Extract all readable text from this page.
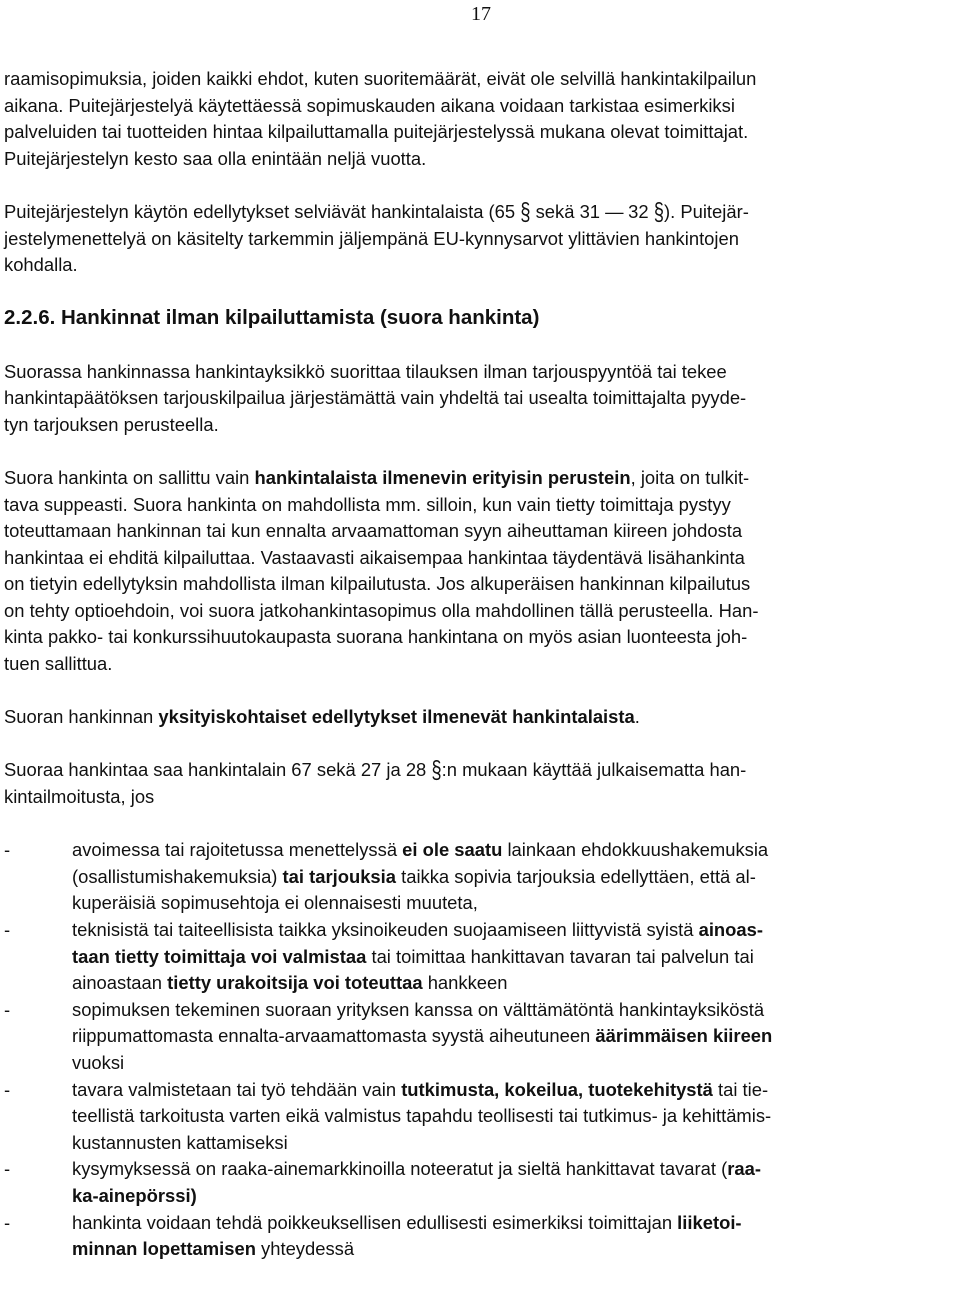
17

raamisopimuksia, joiden kaikki ehdot, kuten suoritemäärät, eivät ole selvillä hankintakilpailun
aikana. Puitejärjestelyä käytettäessä sopimuskauden aikana voidaan tarkistaa esimerkiksi
palveluiden tai tuotteiden hintaa kilpailuttamalla puitejärjestelyssä mukana olevat toimittajat.
Puitejärjestelyn kesto saa olla enintään neljä vuotta.

Puitejärjestelyn käytön edellytykset selviävät hankintalaista (65 § sekä 31 — 32 §). Puitejär-
jestelymenettelyä on käsitelty tarkemmin jäljempänä EU-kynnysarvot ylittävien hankintojen
kohdalla.

2.2.6. Hankinnat ilman kilpailuttamista (suora hankinta)

Suorassa hankinnassa hankintayksikkö suorittaa tilauksen ilman tarjouspyyntöä tai tekee
hankintapäätöksen tarjouskilpailua järjestämättä vain yhdeltä tai usealta toimittajalta pyyde-
tyn tarjouksen perusteella.

Suora hankinta on sallittu vain hankintalaista ilmenevin erityisin perustein, joita on tulkit-
tava suppeasti. Suora hankinta on mahdollista mm. silloin, kun vain tietty toimittaja pystyy
toteuttamaan hankinnan tai kun ennalta arvaamattoman syyn aiheuttaman kiireen johdosta
hankintaa ei ehditä kilpailuttaa. Vastaavasti aikaisempaa hankintaa täydentävä lisähankinta
on tietyin edellytyksin mahdollista ilman kilpailutusta. Jos alkuperäisen hankinnan kilpailutus
on tehty optioehdoin, voi suora jatkohankintasopimus olla mahdollinen tällä perusteella. Han-
kinta pakko- tai konkurssihuutokaupasta suorana hankintana on myös asian luonteesta joh-
tuen sallittua.

Suoran hankinnan yksityiskohtaiset edellytykset ilmenevät hankintalaista.

Suoraa hankintaa saa hankintalain 67 sekä 27 ja 28 §:n mukaan käyttää julkaisematta han-
kintailmoitusta, jos

-	avoimessa tai rajoitetussa menettelyssä ei ole saatu lainkaan ehdokkuushakemuksia
(osallistumishakemuksia) tai tarjouksia taikka sopivia tarjouksia edellyttäen, että al-
kuperäisiä sopimusehtoja ei olennaisesti muuteta,

-	teknisistä tai taiteellisista taikka yksinoikeuden suojaamiseen liittyvistä syistä ainoas-
taan tietty toimittaja voi valmistaa tai toimittaa hankittavan tavaran tai palvelun tai
ainoastaan tietty urakoitsija voi toteuttaa hankkeen

-	sopimuksen tekeminen suoraan yrityksen kanssa on välttämätöntä hankintayksiköstä
riippumattomasta ennalta-arvaamattomasta syystä aiheutuneen äärimmäisen kiireen
vuoksi

-	tavara valmistetaan tai työ tehdään vain tutkimusta, kokeilua, tuotekehitystä tai tie-
teellistä tarkoitusta varten eikä valmistus tapahdu teollisesti tai tutkimus- ja kehittämis-
kustannusten kattamiseksi

-	kysymyksessä on raaka-ainemarkkinoilla noteeratut ja sieltä hankittavat tavarat (raa-
ka-ainepörssi)

-	hankinta voidaan tehdä poikkeuksellisen edullisesti esimerkiksi toimittajan liiketoi-
minnan lopettamisen yhteydessä
